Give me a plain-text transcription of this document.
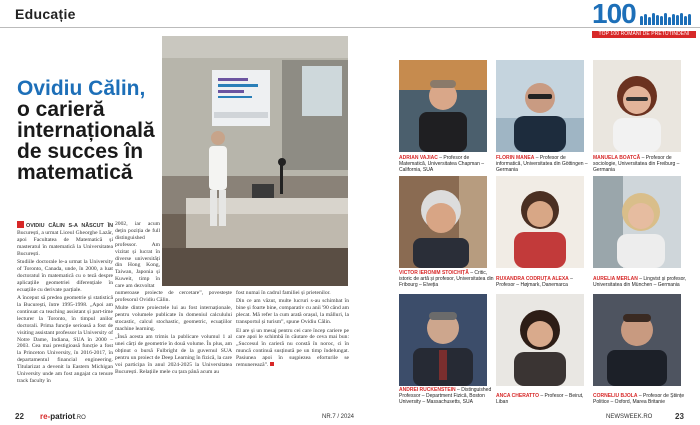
Educație	100
TOP 100 ROMÂNI DE PRETUTINDENI
Ovidiu Călin,
o carieră internațională de succes în matematică

OVIDIU CĂLIN S-A NĂSCUT ÎN București, a urmat Liceul Gheorghe Lazăr, apoi Facultatea de Matematică și masteratul în matematică la Universitatea București.

Studiile doctorale le-a urmat la University of Toronto, Canada, unde, în 2000, a luat doctoratul în matematică cu o teză despre aplicațiile geometriei diferențiale în ecuațiile cu derivate parțiale.

A început să predea geometrie și statistică la București, între 1995-1998. „Apoi am continuat ca teaching assistant și part-time lecturer la Toronto, în timpul anilor doctorali. Prima funcție serioasă a fost de visiting assistant professor la University of Notre Dame, Indiana, SUA în 2000 – 2003. Cea mai prestigioasă funcție a fost la Princeton University, în 2016-2017, în departamentul financial engineering. Titularizat a devenit la Eastern Michigan University unde am fost angajat ca tenure track faculty în

2002, iar acum dețin poziția de full distinguished professor. Am vizitat și lucrat în diverse universități din Hong Kong, Taiwan, Japonia și Kuweit, timp în care am dezvoltat

numeroase proiecte de cercetare”, povestește profesorul Ovidiu Călin.

Multe dintre proiectele lui au fost internaționale, pentru volumele publicate în domeniul calculului stocastic, calcul stochastic, geometric, ecuațiilor machine learning.

„Însă acesta am trimis la publicare volumul 1 al unei cărți de geometrie în două volume. În plus, am obținut o bursă Fulbright de la guvernul SUA pentru un proiect de Deep Learning în fizică, la care voi participa în anul 2024-2025 la Universitatea București. Relațiile mele cu țara până acum au

fost numai în cadrul familiei și prietenilor.

Din ce am văzut, multe lucruri s-au schimbat în bine și foarte bine, comparativ cu anii '90 când am plecat. Mă refer la cum arată orașul, la mâlluri, la transportul și turism”, spune Ovidiu Călin.

El are și un mesaj pentru cei care încep cariere pe care apoi le schimbă în căutare de ceva mai bun: „Succesul în carieră nu constă în noroc, ci în muncă continuă susținută pe un timp îndelungat. Pasiunea apoi în sușpiezea eforturile se remunerează”.

ADRIAN VAJIAC – Profesor de Matematică, Universitatea Chapman – California, SUA
FLORIN MANEA – Profesor de informatică, Universitatea din Göttingen – Germania
MANUELA BOATCĂ – Profesor de sociologie, Universitatea din Freiburg – Germania
VICTOR IERONIM STOICHIȚĂ – Critic, istoric de artă și profesor, Universitatea din Fribourg – Elveția
RUXANDRA CODRUȚA ALEXA – Profesor – Højmark, Danemarca
AURELIA MERLAN – Lingvist și profesor, Universitatea din München – Germania
ANDREI RUCKENSTEIN – Distinguished Professor – Department Fizică, Boston University – Massachusetts, SUA
ANCA CHERATTO – Profesor – Beirut, Liban
CORNELIU BJOLA – Profesor de Științe Politice – Oxford, Marea Britanie
22 re-patriot.RO	NR.7 / 2024	NEWSWEEK.RO	23
